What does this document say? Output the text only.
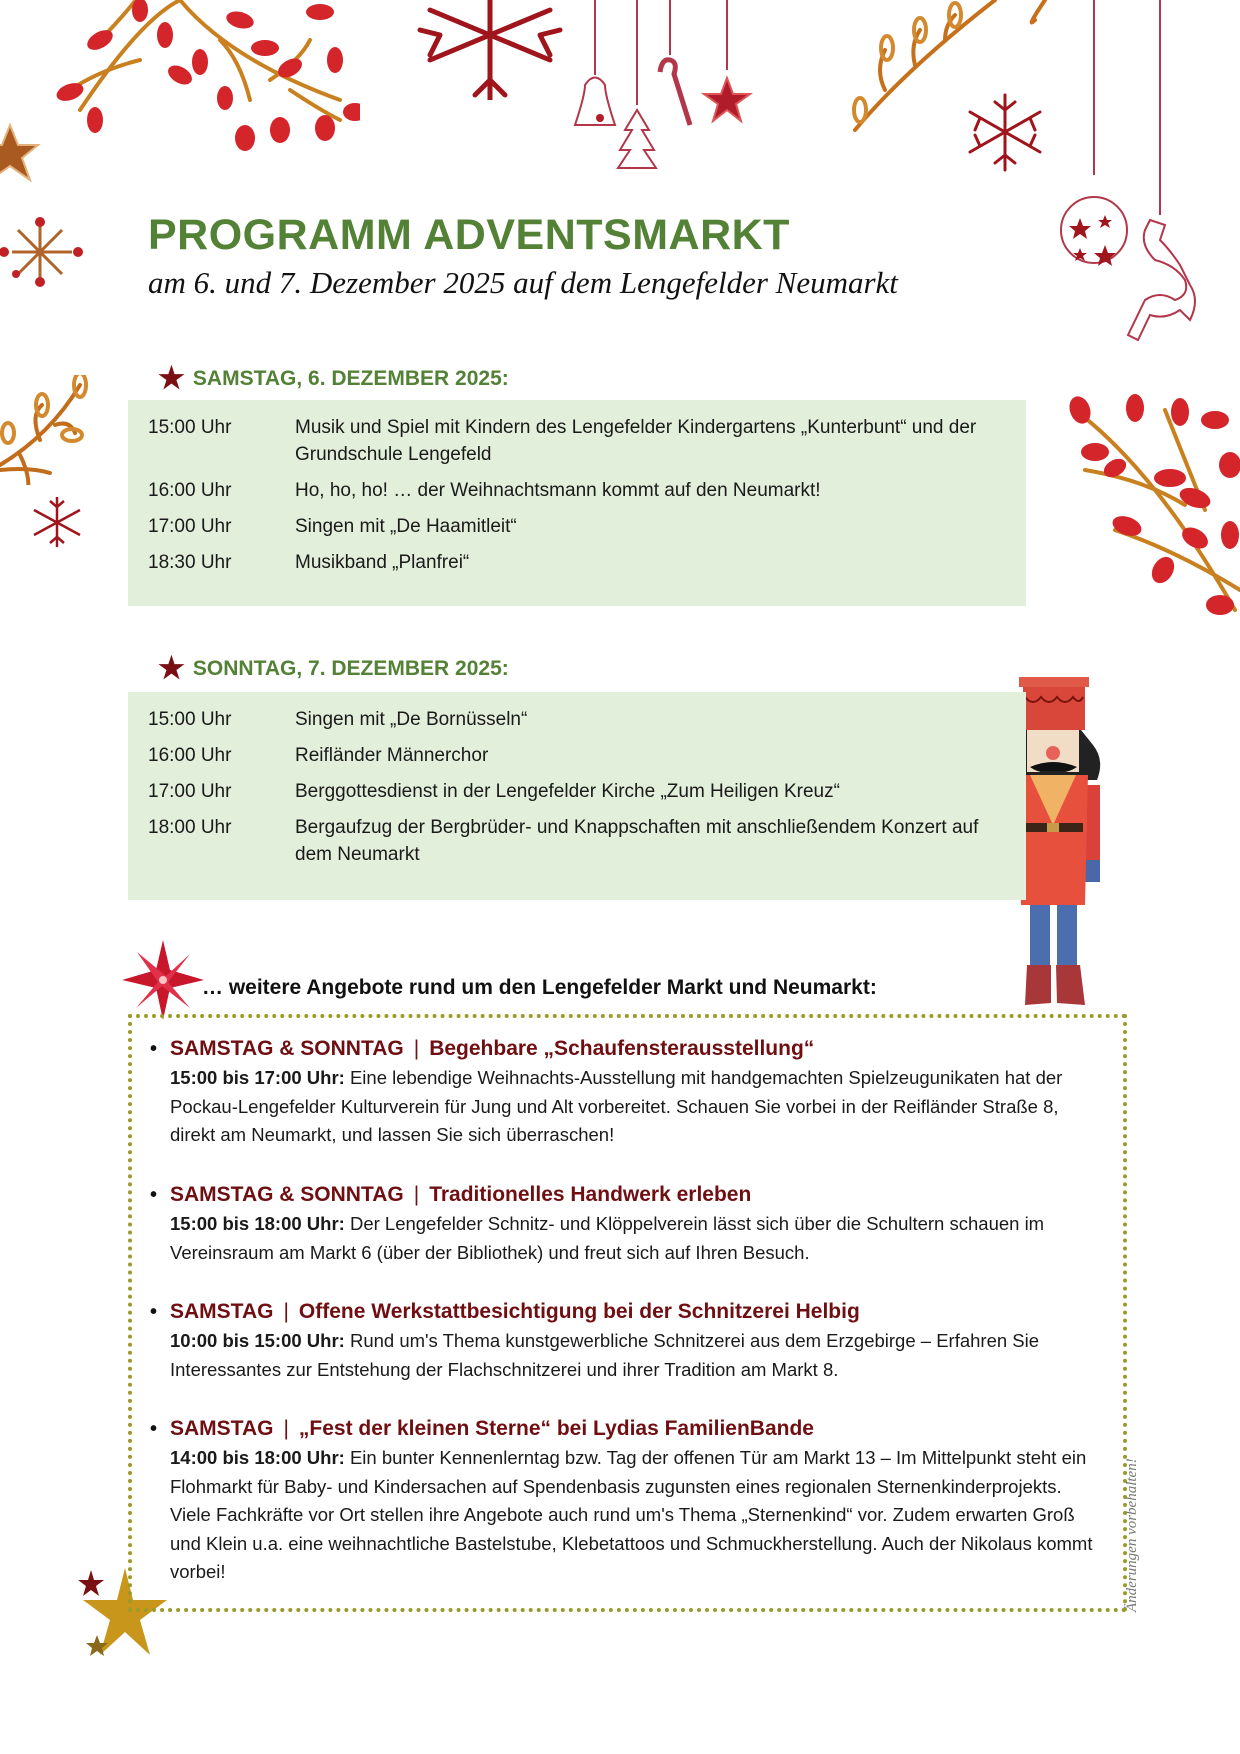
PROGRAMM ADVENTSMARKT
am 6. und 7. Dezember 2025 auf dem Lengefelder Neumarkt
★ SAMSTAG, 6. DEZEMBER 2025:
15:00 Uhr	Musik und Spiel mit Kindern des Lengefelder Kindergartens „Kunterbunt“ und der Grundschule Lengefeld
16:00 Uhr	Ho, ho, ho! … der Weihnachtsmann kommt auf den Neumarkt!
17:00 Uhr	Singen mit „De Haamitleit“
18:30 Uhr	Musikband „Planfrei“
★ SONNTAG, 7. DEZEMBER 2025:
15:00 Uhr	Singen mit „De Bornüsseln“
16:00 Uhr	Reifländer Männerchor
17:00 Uhr	Berggottesdienst in der Lengefelder Kirche „Zum Heiligen Kreuz“
18:00 Uhr	Bergaufzug der Bergbrüder- und Knappschaften mit anschließendem Konzert auf dem Neumarkt
… weitere Angebote rund um den Lengefelder Markt und Neumarkt:
• SAMSTAG & SONNTAG | Begehbare „Schaufensterausstellung“
15:00 bis 17:00 Uhr: Eine lebendige Weihnachts-Ausstellung mit handgemachten Spielzeugunikaten hat der Pockau-Lengefelder Kulturverein für Jung und Alt vorbereitet. Schauen Sie vorbei in der Reifländer Straße 8, direkt am Neumarkt, und lassen Sie sich überraschen!
• SAMSTAG & SONNTAG | Traditionelles Handwerk erleben
15:00 bis 18:00 Uhr: Der Lengefelder Schnitz- und Klöppelverein lässt sich über die Schultern schauen im Vereinsraum am Markt 6 (über der Bibliothek) und freut sich auf Ihren Besuch.
• SAMSTAG | Offene Werkstattbesichtigung bei der Schnitzerei Helbig
10:00 bis 15:00 Uhr: Rund um's Thema kunstgewerbliche Schnitzerei aus dem Erzgebirge – Erfahren Sie Interessantes zur Entstehung der Flachschnitzerei und ihrer Tradition am Markt 8.
• SAMSTAG | „Fest der kleinen Sterne“ bei Lydias FamilienBande
14:00 bis 18:00 Uhr: Ein bunter Kennenlerntag bzw. Tag der offenen Tür am Markt 13 – Im Mittelpunkt steht ein Flohmarkt für Baby- und Kindersachen auf Spendenbasis zugunsten eines regionalen Sternenkinderprojekts. Viele Fachkräfte vor Ort stellen ihre Angebote auch rund um's Thema „Sternenkind“ vor. Zudem erwarten Groß und Klein u.a. eine weihnachtliche Bastelstube, Klebetattoos und Schmuckherstellung. Auch der Nikolaus kommt vorbei!	Änderungen vorbehalten!
